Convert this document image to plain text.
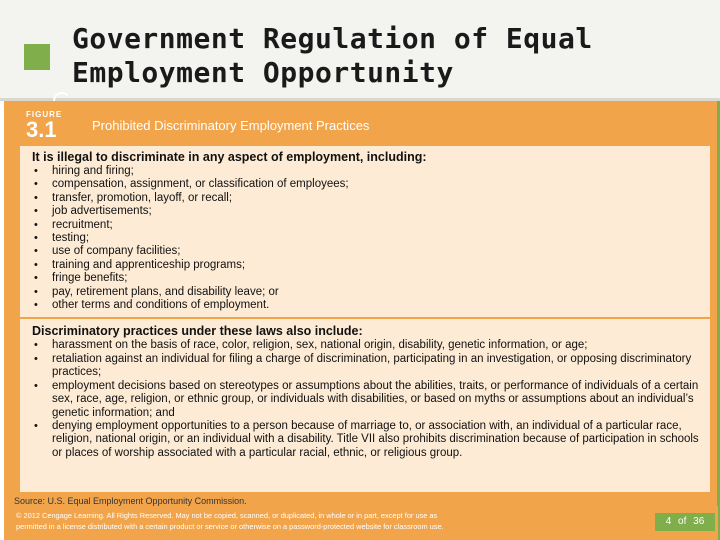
Government Regulation of Equal
Employment Opportunity
FIGURE
3.1	Prohibited Discriminatory Employment Practices

It is illegal to discriminate in any aspect of employment, including:

• hiring and firing;
• compensation, assignment, or classification of employees;
• transfer, promotion, layoff, or recall;
• job advertisements;
• recruitment;
• testing;
• use of company facilities;
• training and apprenticeship programs;
• fringe benefits;
• pay, retirement plans, and disability leave; or
• other terms and conditions of employment.

Discriminatory practices under these laws also include:

• harassment on the basis of race, color, religion, sex, national origin, disability, genetic information, or age;
• retaliation against an individual for filing a charge of discrimination, participating in an investigation, or opposing discriminatory practices;
• employment decisions based on stereotypes or assumptions about the abilities, traits, or performance of individuals of a certain sex, race, age, religion, or ethnic group, or individuals with disabilities, or based on myths or assumptions about an individual’s genetic information; and
• denying employment opportunities to a person because of marriage to, or association with, an individual of a particular race, religion, national origin, or an individual with a disability. Title VII also prohibits discrimination because of participation in schools or places of worship associated with a particular racial, ethnic, or religious group.
Source: U.S. Equal Employment Opportunity Commission.
© 2012 Cengage Learning. All Rights Reserved. May not be copied, scanned, or duplicated, in whole or in part, except for use as
permitted in a license distributed with a certain product or service or otherwise on a password-protected website for classroom use.	4 of 36
